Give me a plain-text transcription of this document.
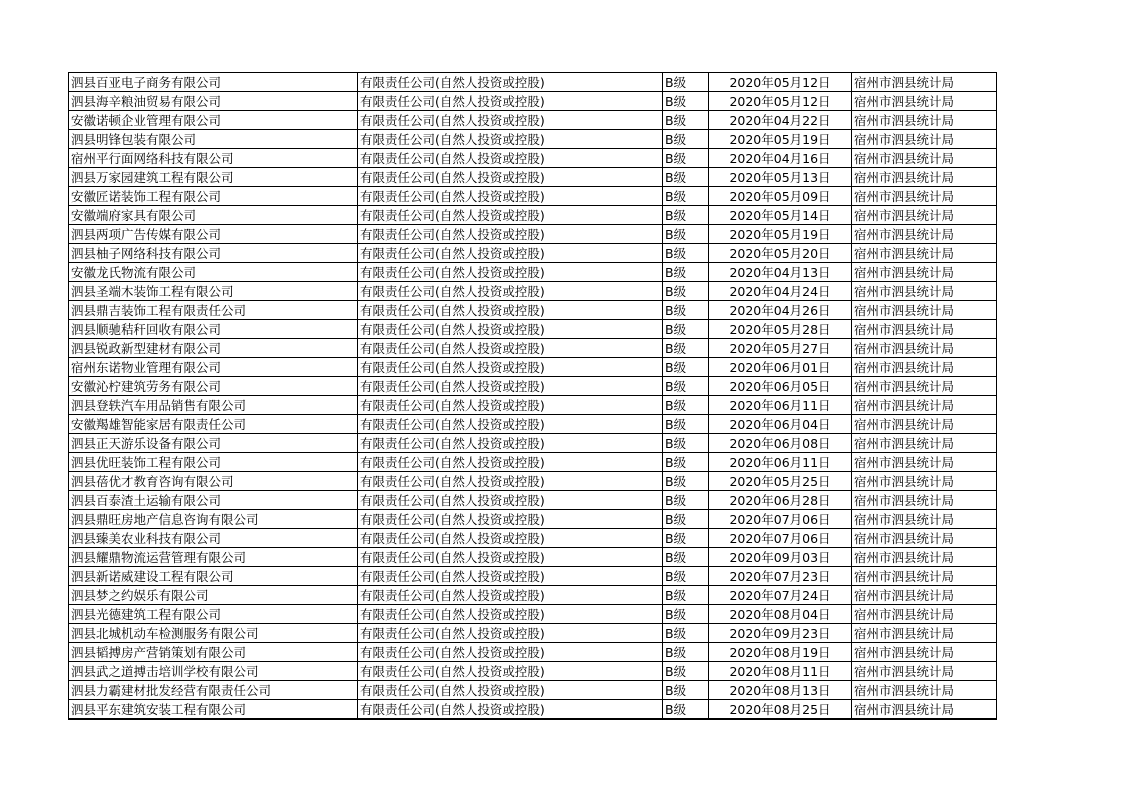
泗县百亚电子商务有限公司	有限责任公司(自然人投资或控股)	B级	2020年05月12日	宿州市泗县统计局
泗县海辛粮油贸易有限公司	有限责任公司(自然人投资或控股)	B级	2020年05月12日	宿州市泗县统计局
安徽诺顿企业管理有限公司	有限责任公司(自然人投资或控股)	B级	2020年04月22日	宿州市泗县统计局
泗县明锋包装有限公司	有限责任公司(自然人投资或控股)	B级	2020年05月19日	宿州市泗县统计局
宿州平行面网络科技有限公司	有限责任公司(自然人投资或控股)	B级	2020年04月16日	宿州市泗县统计局
泗县万家园建筑工程有限公司	有限责任公司(自然人投资或控股)	B级	2020年05月13日	宿州市泗县统计局
安徽匠诺装饰工程有限公司	有限责任公司(自然人投资或控股)	B级	2020年05月09日	宿州市泗县统计局
安徽端府家具有限公司	有限责任公司(自然人投资或控股)	B级	2020年05月14日	宿州市泗县统计局
泗县两项广告传媒有限公司	有限责任公司(自然人投资或控股)	B级	2020年05月19日	宿州市泗县统计局
泗县柚子网络科技有限公司	有限责任公司(自然人投资或控股)	B级	2020年05月20日	宿州市泗县统计局
安徽龙氏物流有限公司	有限责任公司(自然人投资或控股)	B级	2020年04月13日	宿州市泗县统计局
泗县圣端木装饰工程有限公司	有限责任公司(自然人投资或控股)	B级	2020年04月24日	宿州市泗县统计局
泗县鼎吉装饰工程有限责任公司	有限责任公司(自然人投资或控股)	B级	2020年04月26日	宿州市泗县统计局
泗县顺驰秸秆回收有限公司	有限责任公司(自然人投资或控股)	B级	2020年05月28日	宿州市泗县统计局
泗县锐政新型建材有限公司	有限责任公司(自然人投资或控股)	B级	2020年05月27日	宿州市泗县统计局
宿州东诺物业管理有限公司	有限责任公司(自然人投资或控股)	B级	2020年06月01日	宿州市泗县统计局
安徽沁柠建筑劳务有限公司	有限责任公司(自然人投资或控股)	B级	2020年06月05日	宿州市泗县统计局
泗县登轶汽车用品销售有限公司	有限责任公司(自然人投资或控股)	B级	2020年06月11日	宿州市泗县统计局
安徽羯雄智能家居有限责任公司	有限责任公司(自然人投资或控股)	B级	2020年06月04日	宿州市泗县统计局
泗县正天游乐设备有限公司	有限责任公司(自然人投资或控股)	B级	2020年06月08日	宿州市泗县统计局
泗县优旺装饰工程有限公司	有限责任公司(自然人投资或控股)	B级	2020年06月11日	宿州市泗县统计局
泗县蓓优才教育咨询有限公司	有限责任公司(自然人投资或控股)	B级	2020年05月25日	宿州市泗县统计局
泗县百泰渣土运输有限公司	有限责任公司(自然人投资或控股)	B级	2020年06月28日	宿州市泗县统计局
泗县鼎旺房地产信息咨询有限公司	有限责任公司(自然人投资或控股)	B级	2020年07月06日	宿州市泗县统计局
泗县臻美农业科技有限公司	有限责任公司(自然人投资或控股)	B级	2020年07月06日	宿州市泗县统计局
泗县耀鼎物流运营管理有限公司	有限责任公司(自然人投资或控股)	B级	2020年09月03日	宿州市泗县统计局
泗县新诺威建设工程有限公司	有限责任公司(自然人投资或控股)	B级	2020年07月23日	宿州市泗县统计局
泗县梦之约娱乐有限公司	有限责任公司(自然人投资或控股)	B级	2020年07月24日	宿州市泗县统计局
泗县光德建筑工程有限公司	有限责任公司(自然人投资或控股)	B级	2020年08月04日	宿州市泗县统计局
泗县北城机动车检测服务有限公司	有限责任公司(自然人投资或控股)	B级	2020年09月23日	宿州市泗县统计局
泗县韬搏房产营销策划有限公司	有限责任公司(自然人投资或控股)	B级	2020年08月19日	宿州市泗县统计局
泗县武之道搏击培训学校有限公司	有限责任公司(自然人投资或控股)	B级	2020年08月11日	宿州市泗县统计局
泗县力霸建材批发经营有限责任公司	有限责任公司(自然人投资或控股)	B级	2020年08月13日	宿州市泗县统计局
泗县平东建筑安装工程有限公司	有限责任公司(自然人投资或控股)	B级	2020年08月25日	宿州市泗县统计局
